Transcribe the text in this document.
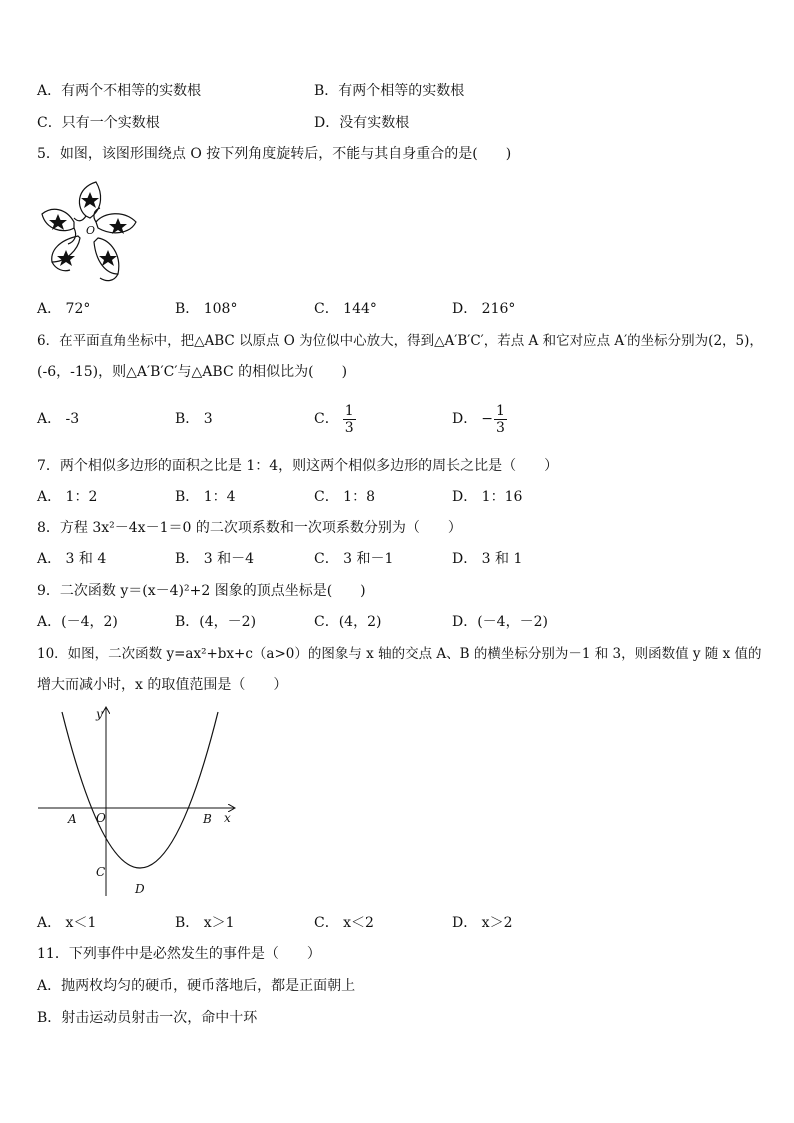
A．有两个不相等的实数根	B．有两个相等的实数根
C．只有一个实数根	D．没有实数根
5．如图，该图形围绕点 O 按下列角度旋转后，不能与其自身重合的是(　　)
O
A． 72°	B． 108°	C． 144°	D． 216°
6．在平面直角坐标中，把△ABC 以原点 O 为位似中心放大，得到△A′B′C′，若点 A 和它对应点 A′的坐标分别为(2，5)，
(-6，-15)，则△A′B′C′与△ABC 的相似比为(　　)
A． -3	B． 3	C． $\frac{1}{3}$	D． − $\frac{1}{3}$
7．两个相似多边形的面积之比是 1：4，则这两个相似多边形的周长之比是（　　）
A． 1：2	B． 1：4	C． 1：8	D． 1：16
8．方程 3x²－4x－1＝0 的二次项系数和一次项系数分别为（　　）
A． 3 和 4	B． 3 和－4	C． 3 和－1	D． 3 和 1
9．二次函数 y＝(x－4)²+2 图象的顶点坐标是(　　)
A．(－4，2)	B．(4，－2)	C．(4，2)	D．(－4，－2)
10．如图，二次函数 y=ax²+bx+c（a>0）的图象与 x 轴的交点 A、B 的横坐标分别为－1 和 3，则函数值 y 随 x 值的
增大而减小时，x 的取值范围是（　　）
y
x
O
A	B
C
D
A． x＜1	B． x＞1	C． x＜2	D． x＞2
11．下列事件中是必然发生的事件是（　　）
A．抛两枚均匀的硬币，硬币落地后，都是正面朝上
B．射击运动员射击一次，命中十环
